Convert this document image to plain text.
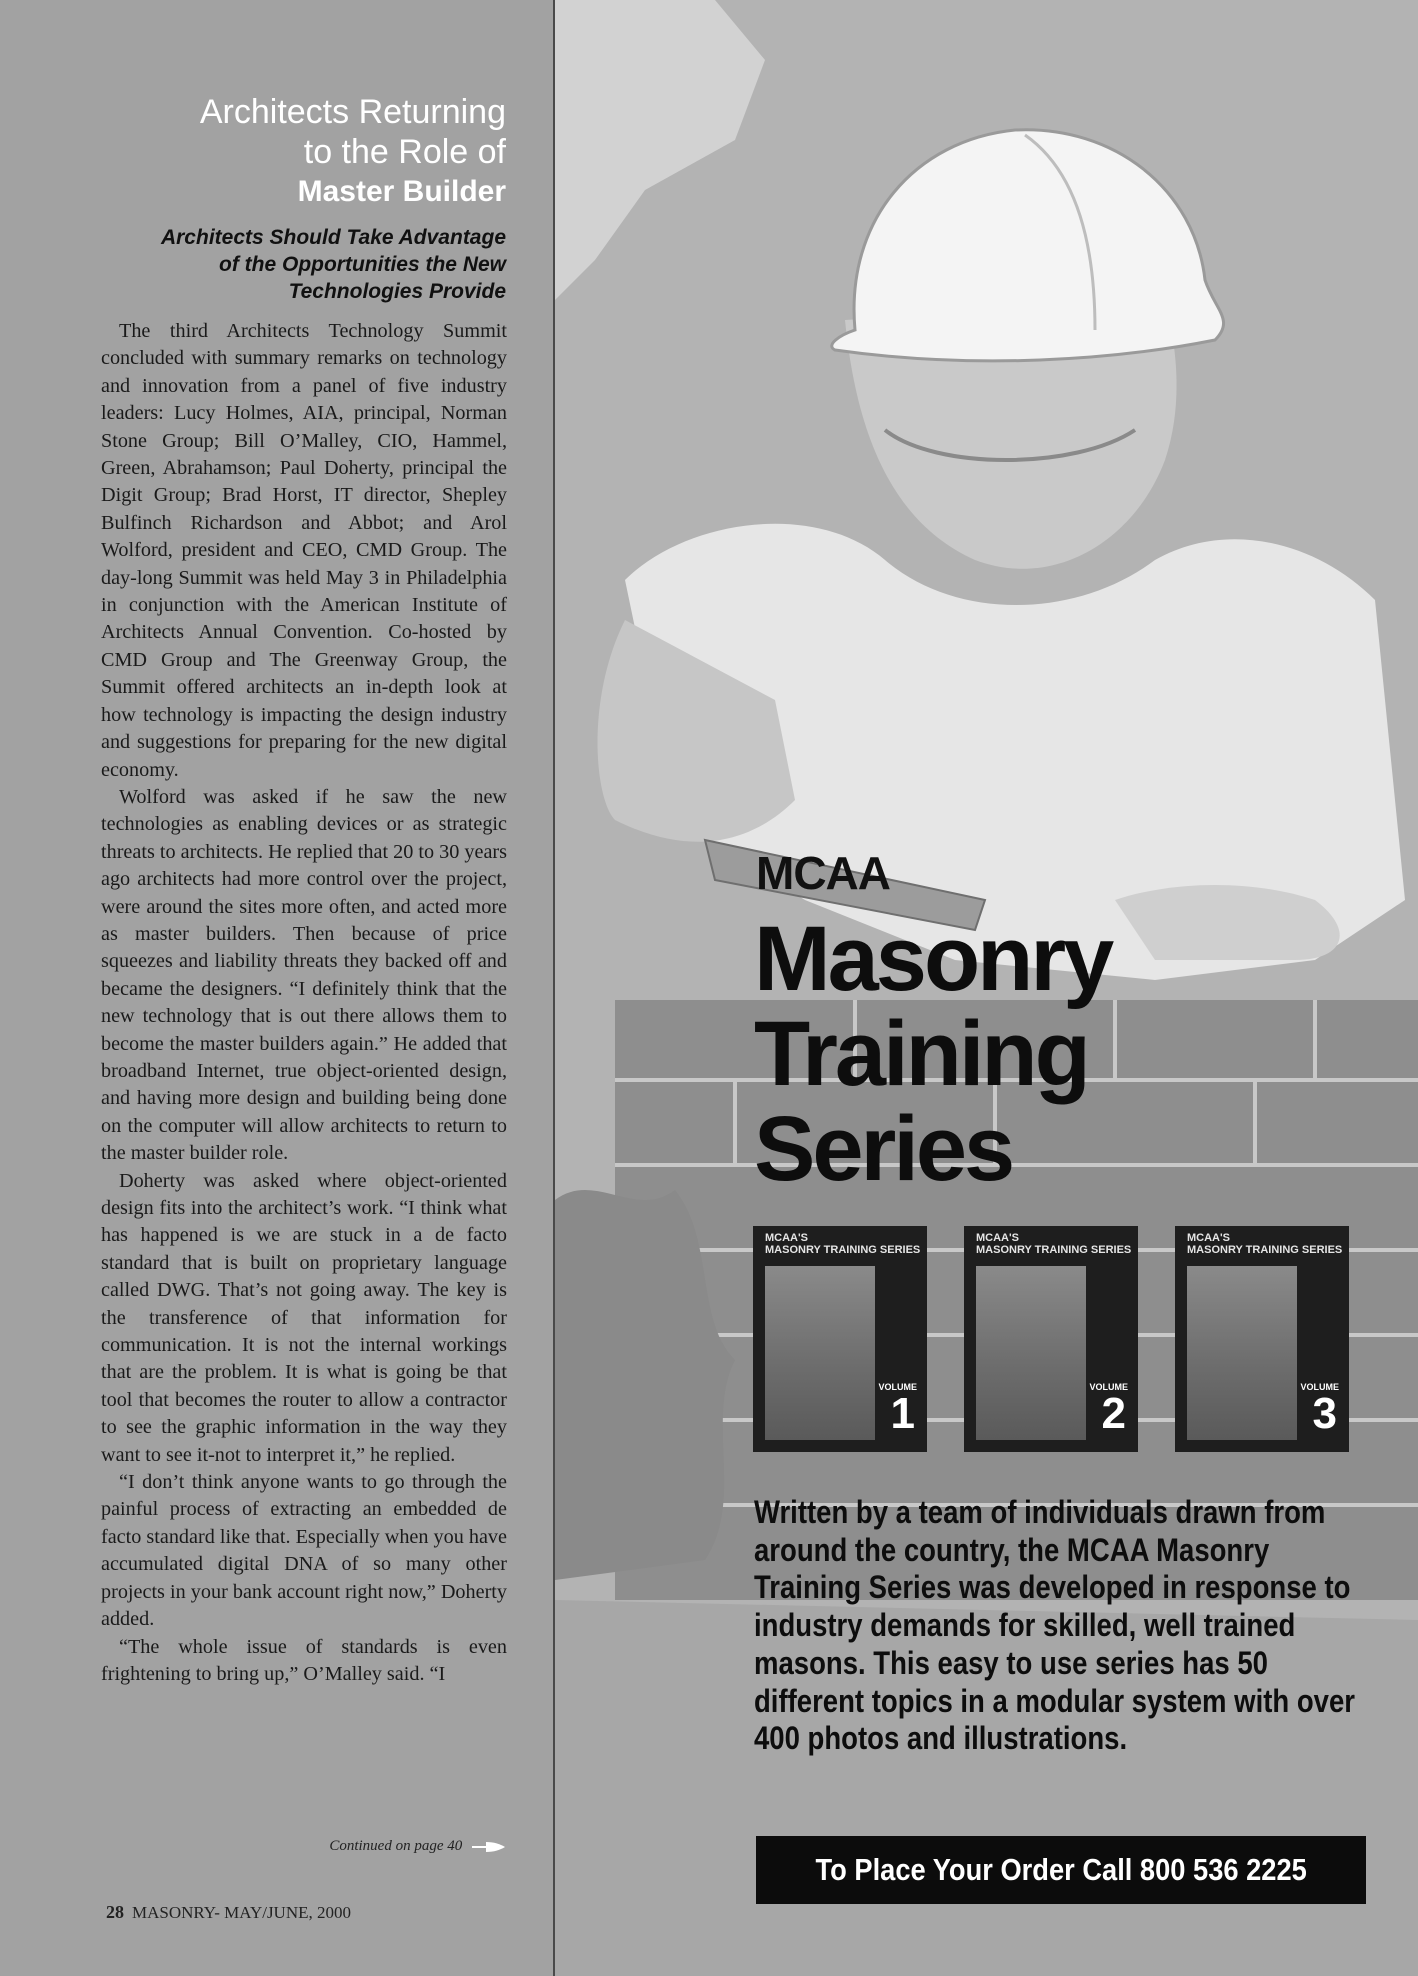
Architects Returning
to the Role of
Master Builder
Architects Should Take Advantage
of the Opportunities the New
Technologies Provide

The third Architects Technology Summit concluded with summary remarks on technology and innovation from a panel of five industry leaders: Lucy Holmes, AIA, principal, Norman Stone Group; Bill O’Malley, CIO, Hammel, Green, Abrahamson; Paul Doherty, principal the Digit Group; Brad Horst, IT director, Shepley Bulfinch Richardson and Abbot; and Arol Wolford, president and CEO, CMD Group. The day-long Summit was held May 3 in Philadelphia in conjunction with the American Institute of Architects Annual Convention. Co-hosted by CMD Group and The Greenway Group, the Summit offered architects an in-depth look at how technology is impacting the design industry and suggestions for preparing for the new digital economy.

Wolford was asked if he saw the new technologies as enabling devices or as strategic threats to architects. He replied that 20 to 30 years ago architects had more control over the project, were around the sites more often, and acted more as master builders. Then because of price squeezes and liability threats they backed off and became the designers. “I definitely think that the new technology that is out there allows them to become the master builders again.” He added that broadband Internet, true object-oriented design, and having more design and building being done on the computer will allow architects to return to the master builder role.

Doherty was asked where object-oriented design fits into the architect’s work. “I think what has happened is we are stuck in a de facto standard that is built on proprietary language called DWG. That’s not going away. The key is the transference of that information for communication. It is not the internal workings that are the problem. It is what is going be that tool that becomes the router to allow a contractor to see the graphic information in the way they want to see it-not to interpret it,” he replied.

“I don’t think anyone wants to go through the painful process of extracting an embedded de facto standard like that. Especially when you have accumulated digital DNA of so many other projects in your bank account right now,” Doherty added.

“The whole issue of standards is even frightening to bring up,” O’Malley said. “I

Continued on page 40
28 MASONRY- MAY/JUNE, 2000
MCAA
Masonry
Training
Series
MCAA'S
MASONRY TRAINING SERIES
VOLUME
1
MCAA'S
MASONRY TRAINING SERIES
VOLUME
2
MCAA'S
MASONRY TRAINING SERIES
VOLUME
3
Written by a team of individuals drawn from around the country, the MCAA Masonry Training Series was developed in response to industry demands for skilled, well trained masons. This easy to use series has 50 different topics in a modular system with over 400 photos and illustrations.
To Place Your Order Call 800 536 2225
